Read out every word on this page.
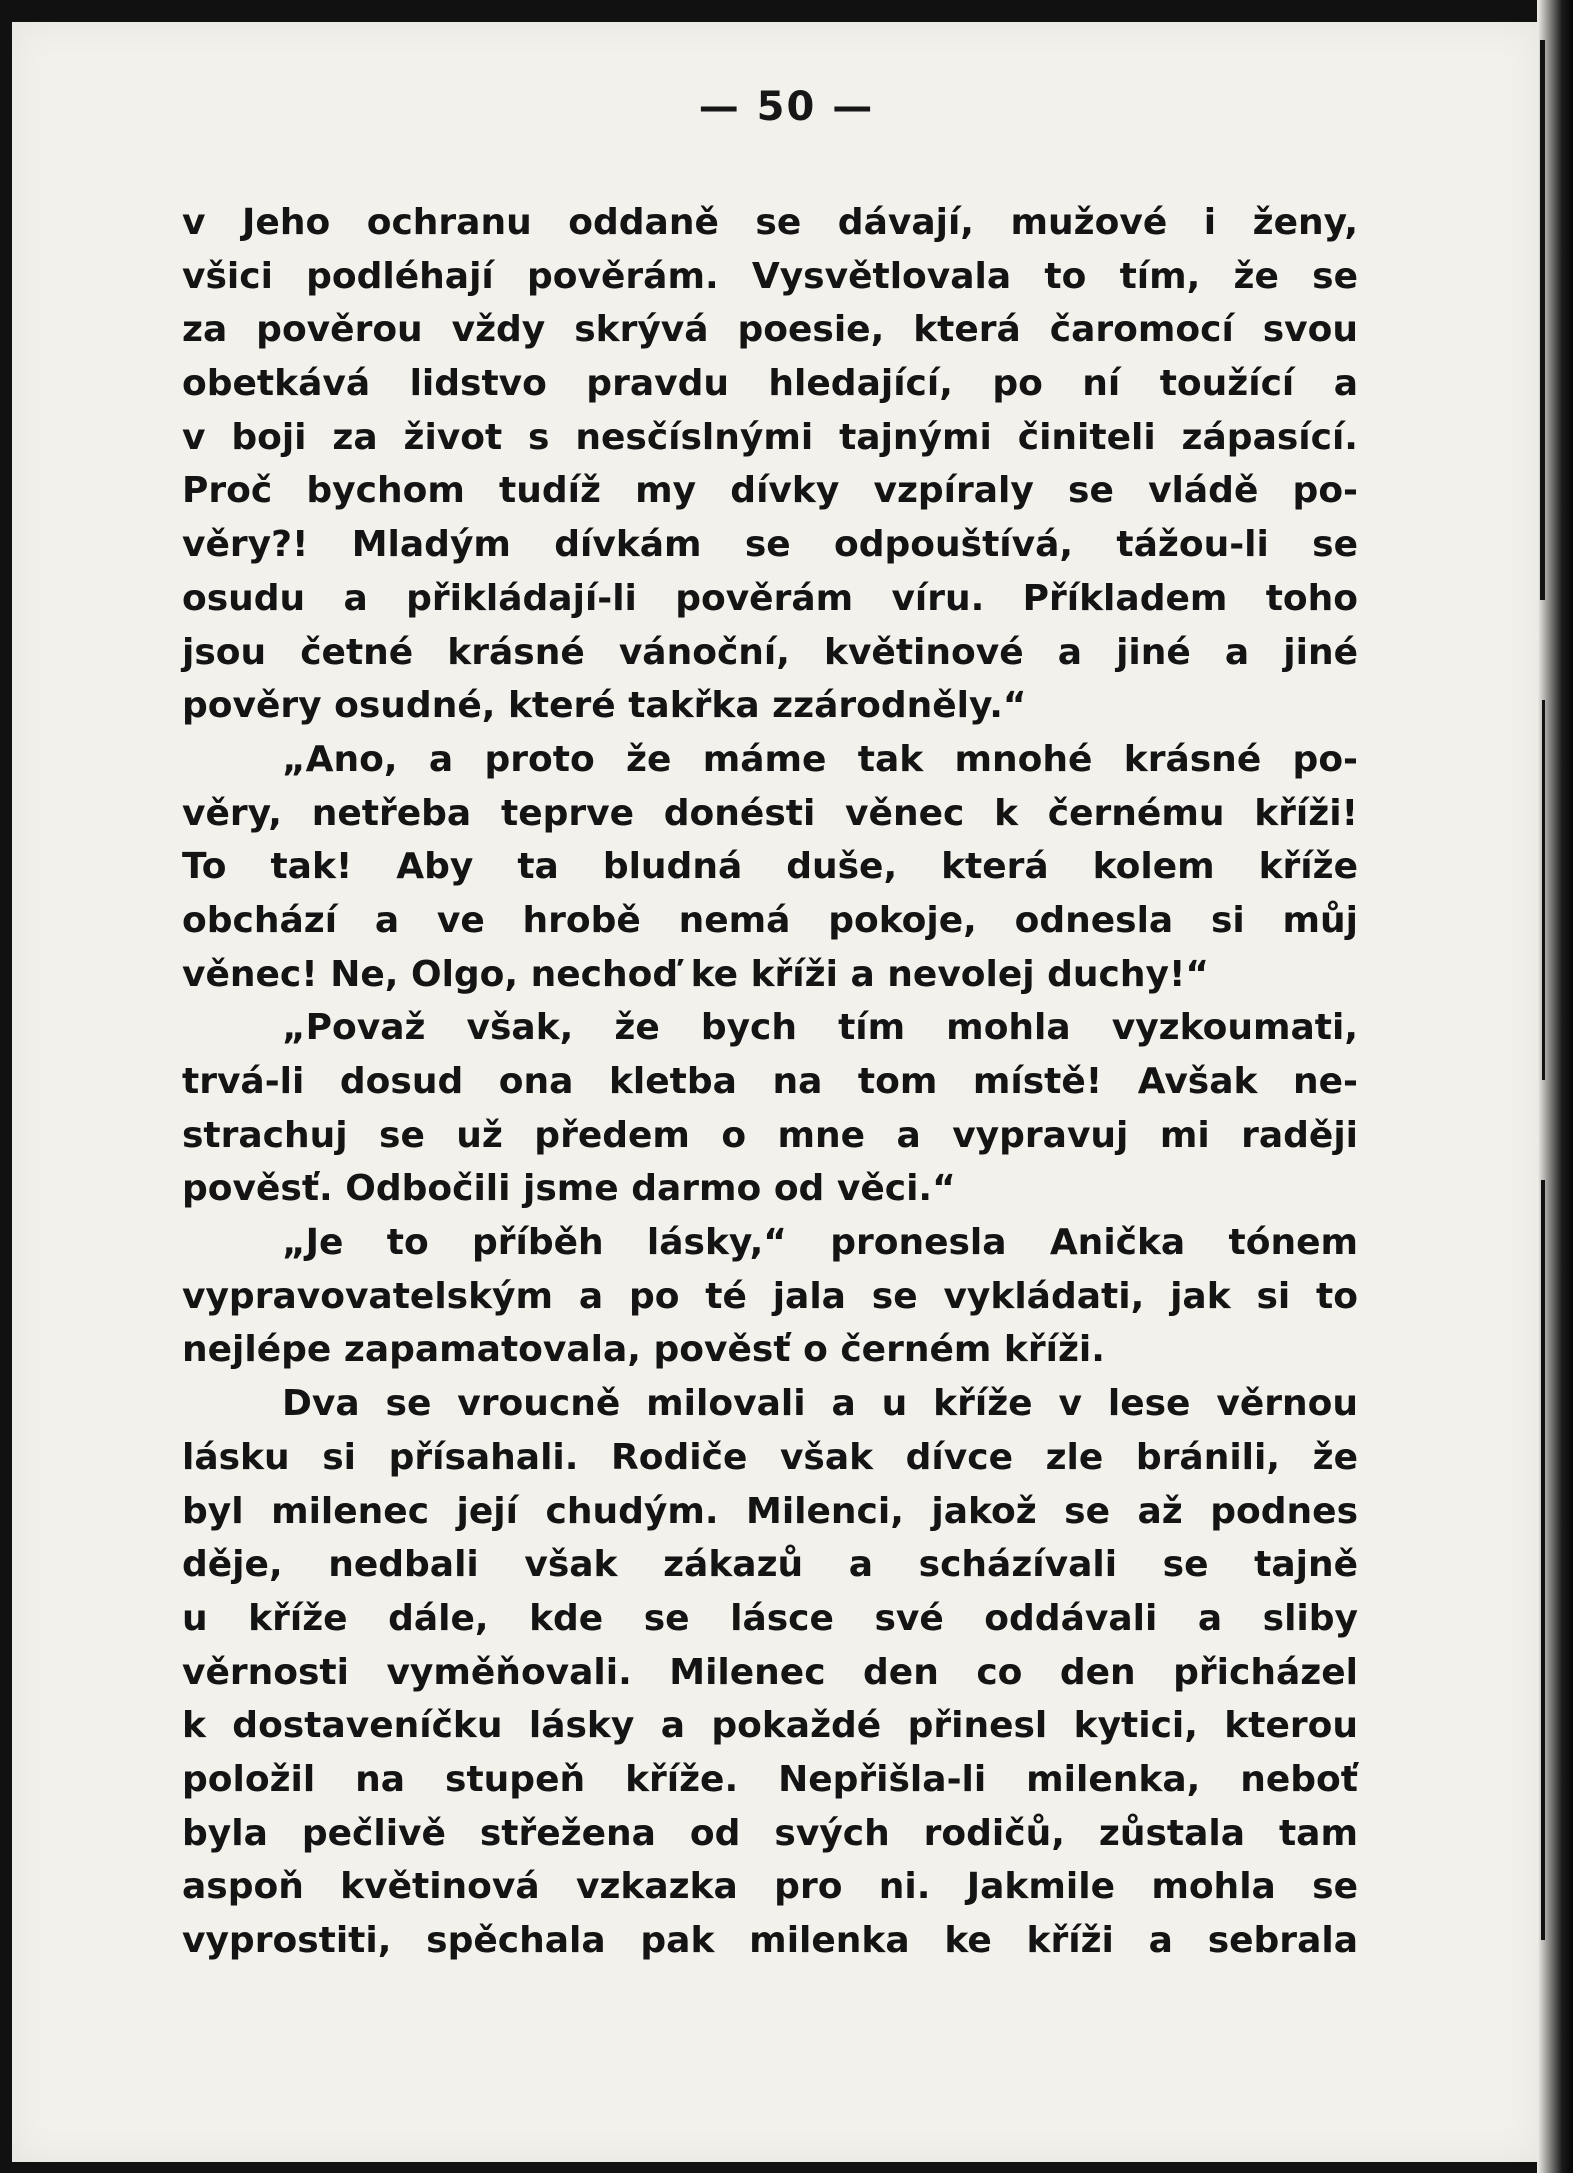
— 50 —
v Jeho ochranu oddaně se dávají, mužové i ženy,
všici podléhají pověrám. Vysvětlovala to tím, že se
za pověrou vždy skrývá poesie, která čaromocí svou
obetkává lidstvo pravdu hledající, po ní toužící a
v boji za život s nesčíslnými tajnými činiteli zápasící.
Proč bychom tudíž my dívky vzpíraly se vládě po-
věry?! Mladým dívkám se odpouštívá, tážou-li se
osudu a přikládají-li pověrám víru. Příkladem toho
jsou četné krásné vánoční, květinové a jiné a jiné
pověry osudné, které takřka zzárodněly.“
„Ano, a proto že máme tak mnohé krásné po-
věry, netřeba teprve donésti věnec k černému kříži!
To tak! Aby ta bludná duše, která kolem kříže
obchází a ve hrobě nemá pokoje, odnesla si můj
věnec! Ne, Olgo, nechoď ke kříži a nevolej duchy!“
„Považ však, že bych tím mohla vyzkoumati,
trvá-li dosud ona kletba na tom místě! Avšak ne-
strachuj se už předem o mne a vypravuj mi raději
pověsť. Odbočili jsme darmo od věci.“
„Je to příběh lásky,“ pronesla Anička tónem
vypravovatelským a po té jala se vykládati, jak si to
nejlépe zapamatovala, pověsť o černém kříži.
Dva se vroucně milovali a u kříže v lese věrnou
lásku si přísahali. Rodiče však dívce zle bránili, že
byl milenec její chudým. Milenci, jakož se až podnes
děje, nedbali však zákazů a scházívali se tajně
u kříže dále, kde se lásce své oddávali a sliby
věrnosti vyměňovali. Milenec den co den přicházel
k dostaveníčku lásky a pokaždé přinesl kytici, kterou
položil na stupeň kříže. Nepřišla-li milenka, neboť
byla pečlivě střežena od svých rodičů, zůstala tam
aspoň květinová vzkazka pro ni. Jakmile mohla se
vyprostiti, spěchala pak milenka ke kříži a sebrala
